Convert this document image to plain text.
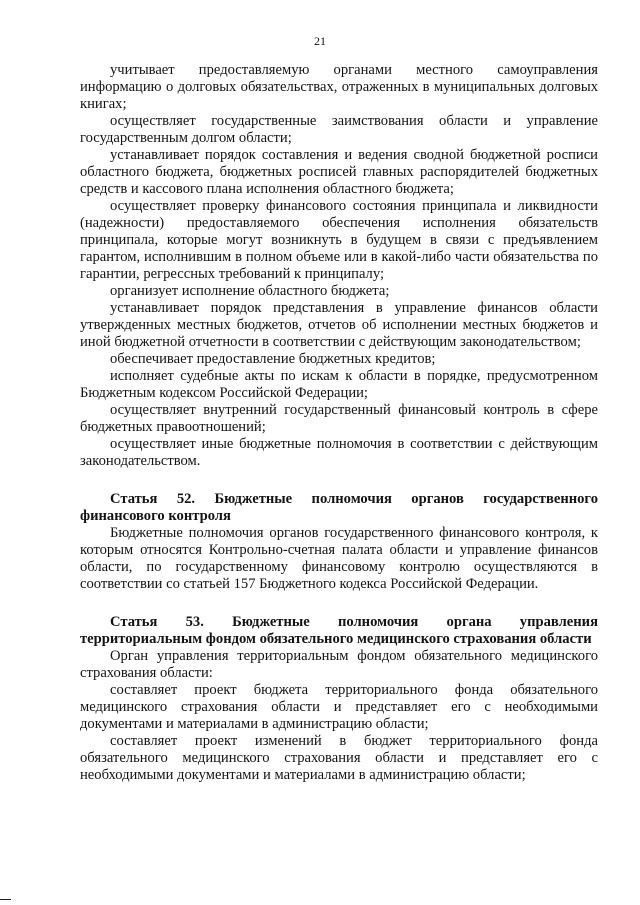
21

учитывает предоставляемую органами местного самоуправления информацию о долговых обязательствах, отраженных в муниципальных долговых книгах;

осуществляет государственные заимствования области и управление государственным долгом области;

устанавливает порядок составления и ведения сводной бюджетной росписи областного бюджета, бюджетных росписей главных распорядителей бюджетных средств и кассового плана исполнения областного бюджета;

осуществляет проверку финансового состояния принципала и ликвидности (надежности) предоставляемого обеспечения исполнения обязательств принципала, которые могут возникнуть в будущем в связи с предъявлением гарантом, исполнившим в полном объеме или в какой-либо части обязательства по гарантии, регрессных требований к принципалу;

организует исполнение областного бюджета;

устанавливает порядок представления в управление финансов области утвержденных местных бюджетов, отчетов об исполнении местных бюджетов и иной бюджетной отчетности в соответствии с действующим законодательством;

обеспечивает предоставление бюджетных кредитов;

исполняет судебные акты по искам к области в порядке, предусмотренном Бюджетным кодексом Российской Федерации;

осуществляет внутренний государственный финансовый контроль в сфере бюджетных правоотношений;

осуществляет иные бюджетные полномочия в соответствии с действующим законодательством.

Статья 52. Бюджетные полномочия органов государственного финансового контроля

Бюджетные полномочия органов государственного финансового контроля, к которым относятся Контрольно-счетная палата области и управление финансов области, по государственному финансовому контролю осуществляются в соответствии со статьей 157 Бюджетного кодекса Российской Федерации.

Статья 53. Бюджетные полномочия органа управления территориальным фондом обязательного медицинского страхования области

Орган управления территориальным фондом обязательного медицинского страхования области:

составляет проект бюджета территориального фонда обязательного медицинского страхования области и представляет его с необходимыми документами и материалами в администрацию области;

составляет проект изменений в бюджет территориального фонда обязательного медицинского страхования области и представляет его с необходимыми документами и материалами в администрацию области;
